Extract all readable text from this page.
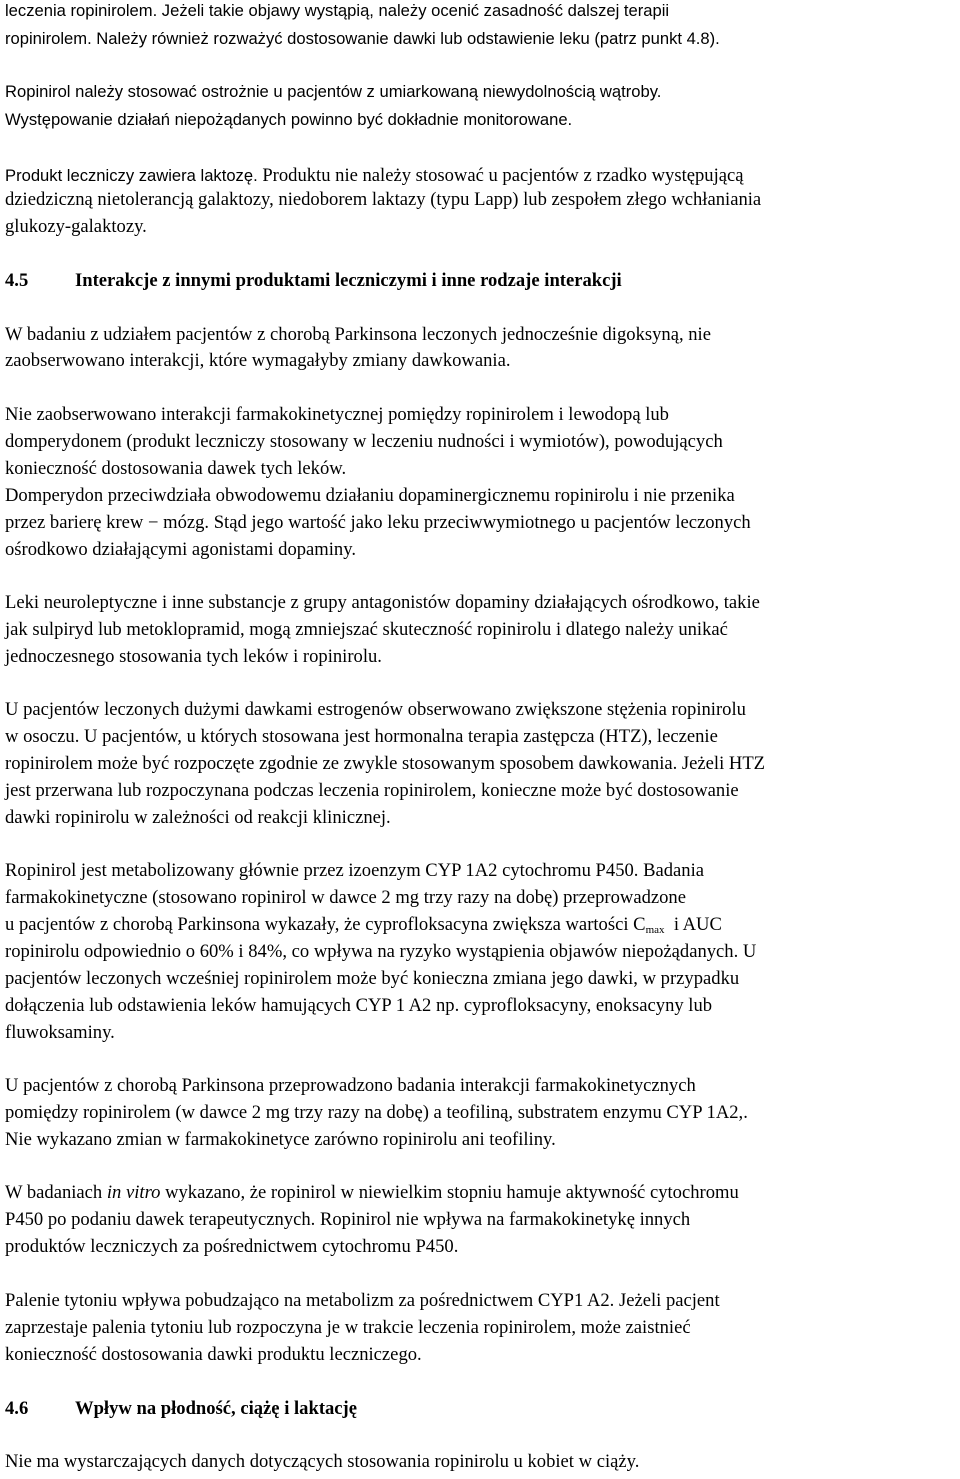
leczenia ropinirolem. Jeżeli takie objawy wystąpią, należy ocenić zasadność dalszej terapii
ropinirolem. Należy również rozważyć dostosowanie dawki lub odstawienie leku (patrz punkt 4.8).
Ropinirol należy stosować ostrożnie u pacjentów z umiarkowaną niewydolnością wątroby.
Występowanie działań niepożądanych powinno być dokładnie monitorowane.
Produkt leczniczy zawiera laktozę. Produktu nie należy stosować u pacjentów z rzadko występującą
dziedziczną nietolerancją galaktozy, niedoborem laktazy (typu Lapp) lub zespołem złego wchłaniania
glukozy-galaktozy.
4.5	Interakcje z innymi produktami leczniczymi i inne rodzaje interakcji
W badaniu z udziałem pacjentów z chorobą Parkinsona leczonych jednocześnie digoksyną, nie
zaobserwowano interakcji, które wymagałyby zmiany dawkowania.
Nie zaobserwowano interakcji farmakokinetycznej pomiędzy ropinirolem i lewodopą lub
domperydonem (produkt leczniczy stosowany w leczeniu nudności i wymiotów), powodujących
konieczność dostosowania dawek tych leków.
Domperydon przeciwdziała obwodowemu działaniu dopaminergicznemu ropinirolu i nie przenika
przez barierę krew − mózg. Stąd jego wartość jako leku przeciwwymiotnego u pacjentów leczonych
ośrodkowo działającymi agonistami dopaminy.
Leki neuroleptyczne i inne substancje z grupy antagonistów dopaminy działających ośrodkowo, takie
jak sulpiryd lub metoklopramid, mogą zmniejszać skuteczność ropinirolu i dlatego należy unikać
jednoczesnego stosowania tych leków i ropinirolu.
U pacjentów leczonych dużymi dawkami estrogenów obserwowano zwiększone stężenia ropinirolu
w osoczu. U pacjentów, u których stosowana jest hormonalna terapia zastępcza (HTZ), leczenie
ropinirolem może być rozpoczęte zgodnie ze zwykle stosowanym sposobem dawkowania. Jeżeli HTZ
jest przerwana lub rozpoczynana podczas leczenia ropinirolem, konieczne może być dostosowanie
dawki ropinirolu w zależności od reakcji klinicznej.
Ropinirol jest metabolizowany głównie przez izoenzym CYP 1A2 cytochromu P450. Badania
farmakokinetyczne (stosowano ropinirol w dawce 2 mg trzy razy na dobę) przeprowadzone
u pacjentów z chorobą Parkinsona wykazały, że cyprofloksacyna zwiększa wartości $C_{max}$  i AUC
ropinirolu odpowiednio o 60% i 84%, co wpływa na ryzyko wystąpienia objawów niepożądanych. U
pacjentów leczonych wcześniej ropinirolem może być konieczna zmiana jego dawki, w przypadku
dołączenia lub odstawienia leków hamujących CYP 1 A2 np. cyprofloksacyny, enoksacyny lub
fluwoksaminy.
U pacjentów z chorobą Parkinsona przeprowadzono badania interakcji farmakokinetycznych
pomiędzy ropinirolem (w dawce 2 mg trzy razy na dobę) a teofiliną, substratem enzymu CYP 1A2,.
Nie wykazano zmian w farmakokinetyce zarówno ropinirolu ani teofiliny.
W badaniach in vitro wykazano, że ropinirol w niewielkim stopniu hamuje aktywność cytochromu
P450 po podaniu dawek terapeutycznych. Ropinirol nie wpływa na farmakokinetykę innych
produktów leczniczych za pośrednictwem cytochromu P450.
Palenie tytoniu wpływa pobudzająco na metabolizm za pośrednictwem CYP1 A2. Jeżeli pacjent
zaprzestaje palenia tytoniu lub rozpoczyna je w trakcie leczenia ropinirolem, może zaistnieć
konieczność dostosowania dawki produktu leczniczego.
4.6	Wpływ na płodność, ciążę i laktację
Nie ma wystarczających danych dotyczących stosowania ropinirolu u kobiet w ciąży.
